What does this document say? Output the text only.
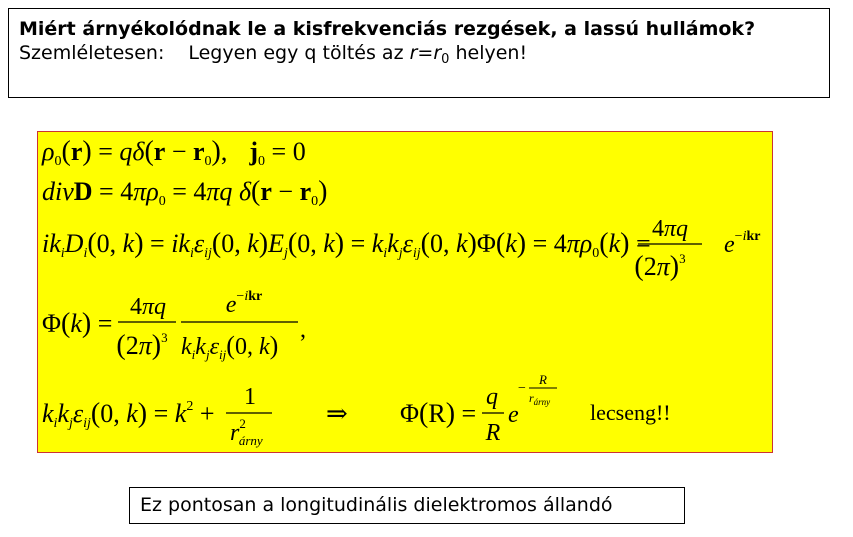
Miért árnyékolódnak le a kisfrekvenciás rezgések, a lassú hullámok?

Szemléletesen: Legyen egy q töltés az $r=r_0$ helyen!

ρ0(r) = qδ(r − r0), j0 = 0
divD = 4πρ0 = 4πq δ(r − r0)
ikiDi(0, k) = ikiεij(0, k)Ej(0, k) = kikjεij(0, k)Φ(k) = 4πρ0(k) = 4πq
$(2\pi)^3$
$e^{-ikr}$
Φ(k) =
4πq
$(2\pi)^3$
$e^{-ikr}$
$k_ik_j\varepsilon_{ij}(0$, k)
,
kikjεij(0, $k) = k^2$ +
1
$r^2$ árny
⇒ Φ(R) =
q
R
e
−
R
$r_{árny}$ lecseng!!
Ez pontosan a longitudinális dielektromos állandó
